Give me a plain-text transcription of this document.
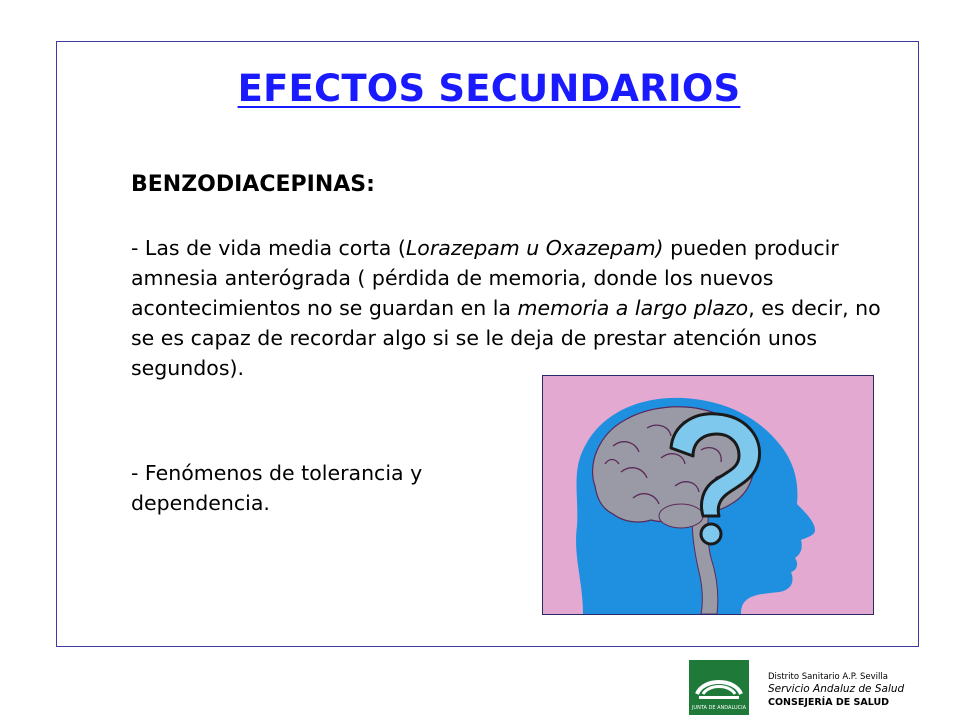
EFECTOS SECUNDARIOS
BENZODIACEPINAS:

- Las de vida media corta (Lorazepam u Oxazepam) pueden producir amnesia anterógrada ( pérdida de memoria, donde los nuevos acontecimientos no se guardan en la memoria a largo plazo, es decir, no se es capaz de recordar algo si se le deja de prestar atención unos segundos).

- Fenómenos de tolerancia y dependencia.

JUNTA DE ANDALUCIA

Distrito Sanitario A.P. Sevilla
Servicio Andaluz de Salud
CONSEJERÍA DE SALUD
